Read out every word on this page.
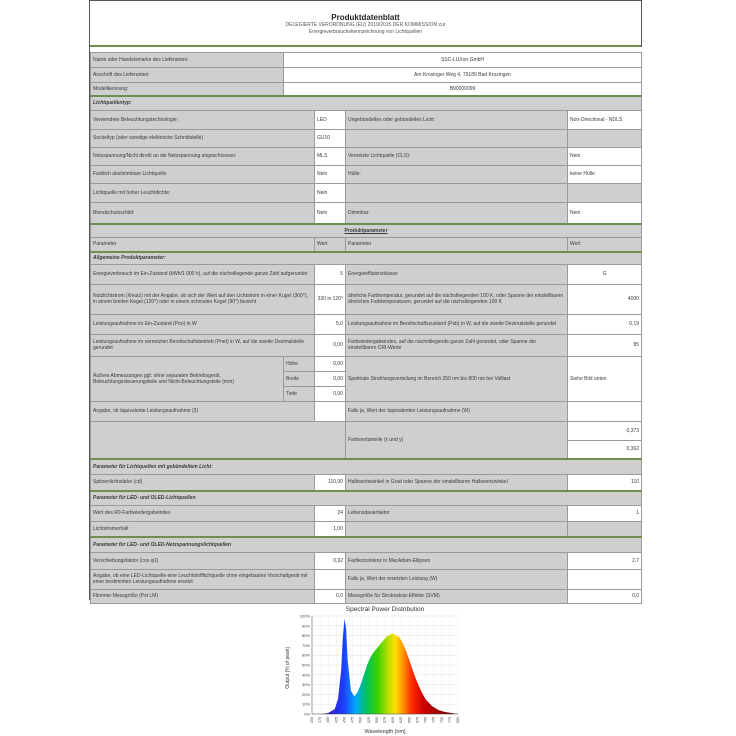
Produktdatenblatt
DELEGIERTE VERORDNUNG (EU) 2019/2015 DER KOMMISSION zur
Energieverbrauchskennzeichnung von Lichtquellen

Name oder Handelsmarke des Lieferanten:	SSC-LUXon GmbH			
Anschrift des Lieferanten:	Am Krosinger Weg 4, 79189 Bad Krozingen			
Modellkennung:	B90000099			
Lichtquellentyp:				
Verwendete Beleuchtungstechnologie:		LED	Ungebündeltes oder gebündeltes Licht:	Non-Directional - NDLS
Sockeltyp (oder sonstige elektrische Schnittstelle)		GU10		
Netzspannung/Nicht direkt an die Netzspannung angeschlossen:		MLS	Vernetzte Lichtquelle (CLS):	Nein
Farblich abstimmbare Lichtquelle		Nein	Hülle:	keine Hülle
Lichtquelle mit hoher Leuchtdichte:		Nein		
Blendschutzschild:		Nein	Dimmbar:	Nein
Produktparameter				
Parameter		Wert	Parameter	Wert
Allgemeine Produktparameter:				
Energieverbrauch im Ein-Zustand (kWh/1 000 h), auf die nächstliegende ganze Zahl aufgerundet		5	Energieeffizienzklasse	G
Nutzlichtstrom (Φnutz) mit der Angabe, ob sich der Wert auf den Lichtstrom in einer Kugel (360°), in einem breiten Kegel (120°) oder in einem schmalen Kegel (90°) bezieht		330 in 120°	ähnliche Farbtemperatur, gerundet auf die nächstliegenden 100 K, oder Spanne der einstellbaren ähnlichen Farbtemperaturen, gerundet auf die nächstliegenden 100 K	4000
Leistungsaufnahme im Ein-Zustand (Pon) in W		5,0	Leistungsaufnahme im Bereitschaftszustand (Psb) in W, auf die zweite Dezimalstelle gerundet	0,19
Leistungsaufnahme im vernetzten Bereitschaftsbetrieb (Pnet) in W, auf die zweite Dezimalstelle gerundet		0,00	Farbwiedergabeindex, auf die nächstliegende ganze Zahl gerundet, oder Spanne der einstellbaren CRI-Werte	85
Äußere Abmessungen ggf. ohne separaten Betriebsgerät, Beleuchtungssteuerungsteile und Nicht-Beleuchtungsteile (mm)	Höhe	0,00	Spektrale Strahlungsverteilung im Bereich 250 nm bis 800 nm bei Volllast	Siehe Bild unten
	Breite	0,00		
	Tiefe	0,00		
Angabe, ob äquivalente Leistungsaufnahme (3)			Falls ja, Wert der äquivalenten Leistungsaufnahme (W)	
			Farbwertanteile (x und y)	0,373
				0,362
Parameter für Lichtquellen mit gebündeltem Licht:				
Spitzenlichtstärke (cd)		110,00	Halbwertswinkel in Grad oder Spanne der einstellbaren Halbwertswinkel	110
Parameter für LED- und OLED-Lichtquellen				
Wert des R9-Farbwiedergabeindex		24	Lebensdauerfaktor	1
Lichtstromerhalt		1,00		
Parameter für LED- und OLED-Netzspannungslichtquellen				
Verschiebungsfaktor (cos φ1)		0,92	Farbkonsistenz in MacAdam-Ellipsen	2,7
Angabe, ob eine LED-Lichtquelle eine Leuchtstofflichtquelle ohne eingebautes Vorschaltgerät mit einer bestimmten Leistungsaufnahme ersetzt			Falls ja, Wert der ersetzten Leistung (W)	
Flimmer-Messgröße (Pst LM)		0,0	Messgröße für Stroboskop-Effekte (SVM)	0,0
Spectral Power Distribution
0%
10%
20%
30%
40%
50%
60%
70%
80%
90%
100%
350 375 400 425 450 475 500 525 550 575 600 625 650 675 700 725 750 775 800
Wavelength [nm]
Output [% of peak]
